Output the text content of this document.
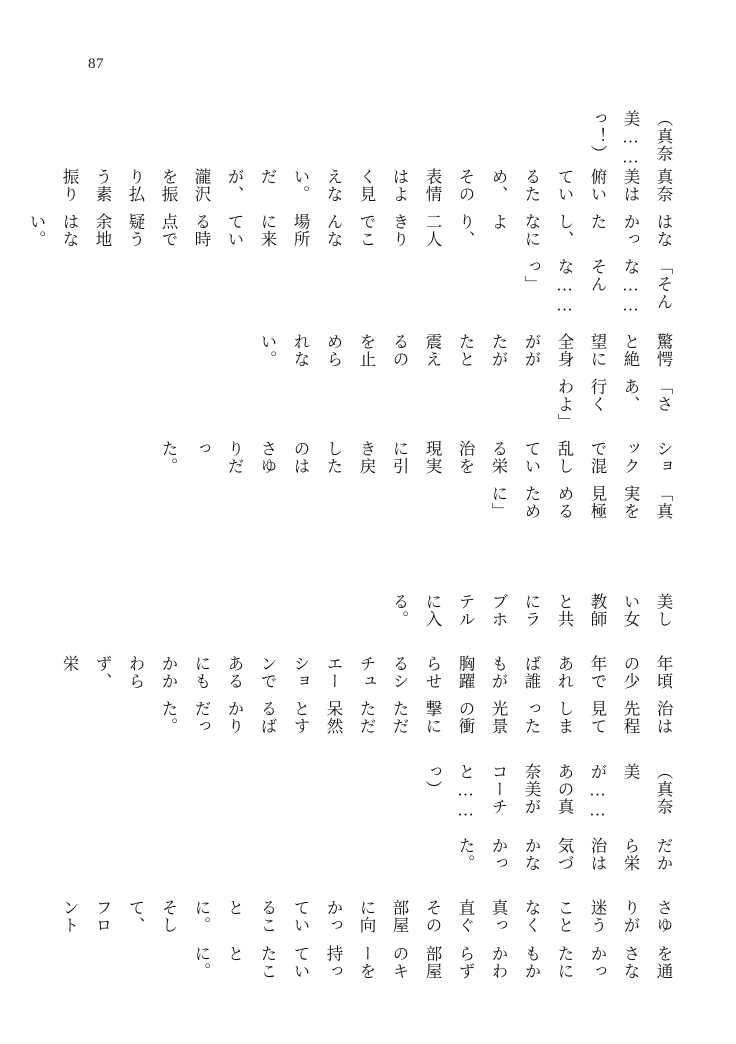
87

（真奈美……っ！）

真奈美は俯いているため、その表情はよく見えない。だが、瀧沢を振り払う素振り

はなかったし、なにより、二人きりでこんな場所に来ている時点で疑う余地はない。

「そんな……そんな……っ」

驚愕と絶望に全身ががたがたと震えるのを止められない。

「さあ、行くわよ」

ショックで混乱している栄治を現実に引き戻したのはさゆりだった。

「真実を見極めるために」

美しい女教師と共にラブホテルに入る。

年頃の少年であれば誰もが胸躍らせるシチュエーションであるにもかかわらず、栄

治は先程見てしまった光景の衝撃にただただ呆然とするばかりだった。

（真奈美が……あの真奈美がコーチと……っ）

だから栄治は気づかなかった。

さゆりが迷うことなく真っ直ぐその部屋に向かっていることに。そして、フロント

を通さなかったにもかかわらず部屋のキーを持っていたことに。
